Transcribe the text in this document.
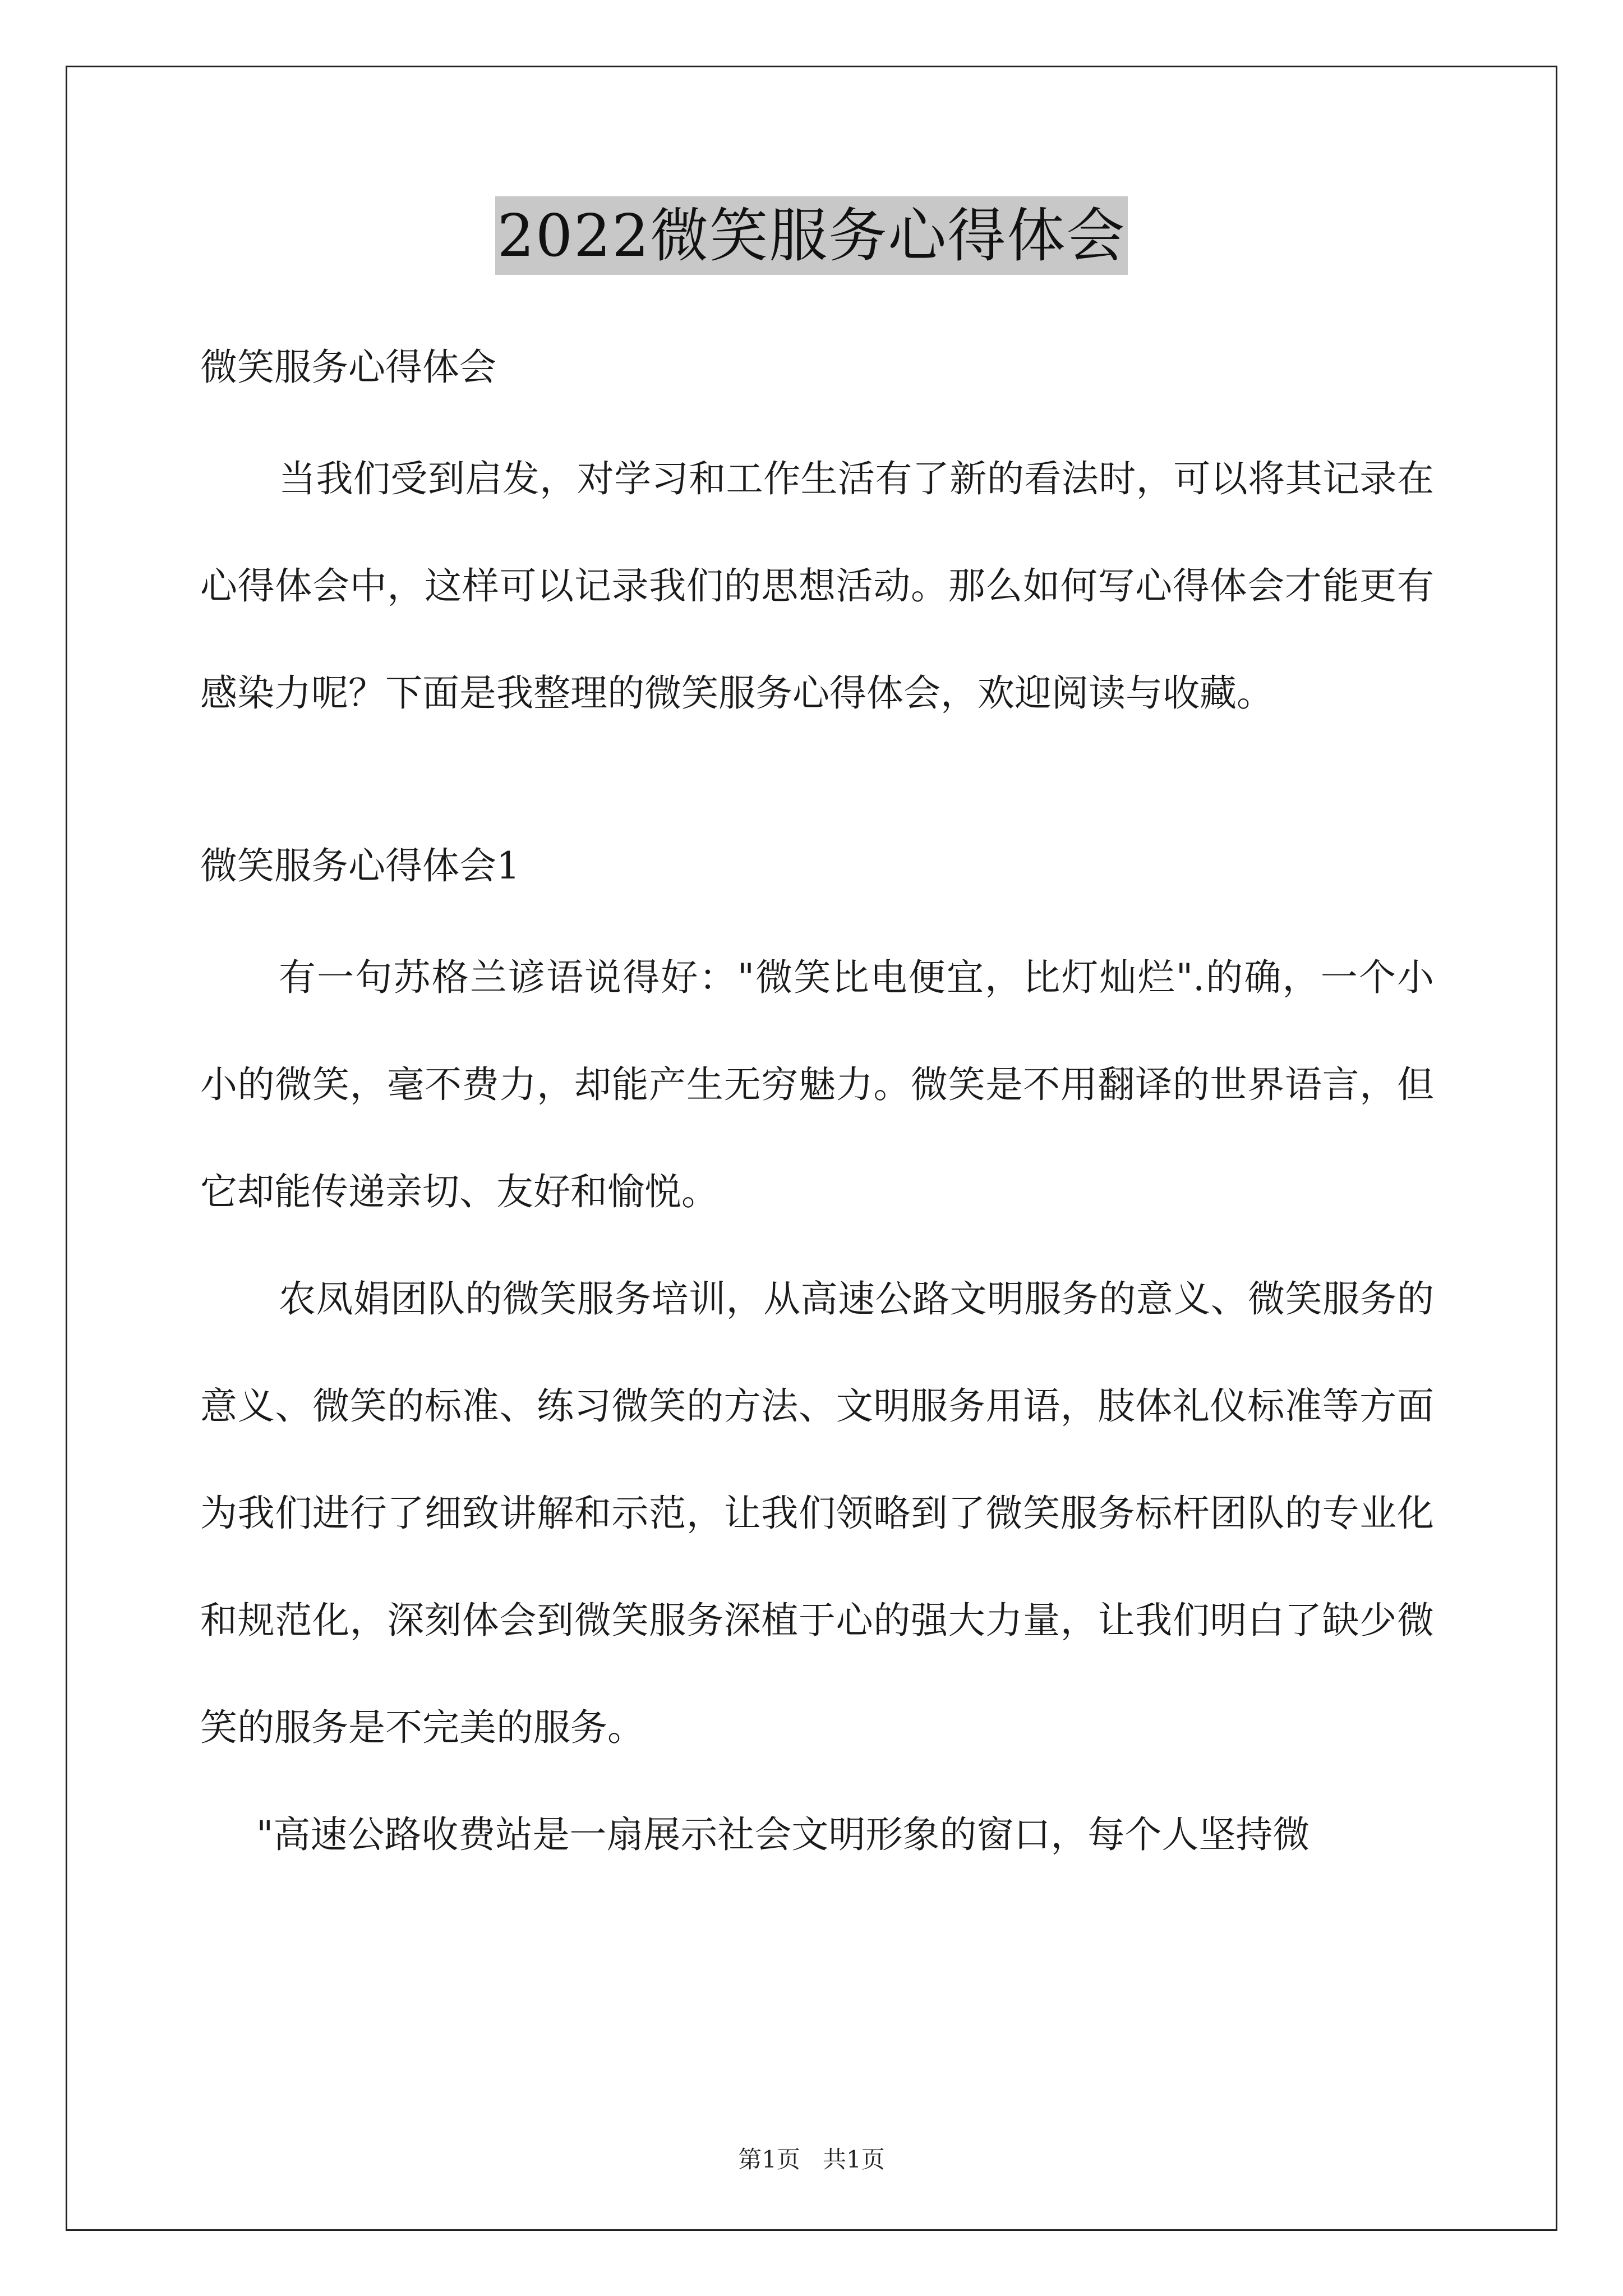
2022微笑服务心得体会

微笑服务心得体会

当我们受到启发，对学习和工作生活有了新的看法时，可以将其记录在心得体会中，这样可以记录我们的思想活动。那么如何写心得体会才能更有感染力呢？下面是我整理的微笑服务心得体会，欢迎阅读与收藏。

微笑服务心得体会1

有一句苏格兰谚语说得好："微笑比电便宜，比灯灿烂".的确，一个小小的微笑，毫不费力，却能产生无穷魅力。微笑是不用翻译的世界语言，但它却能传递亲切、友好和愉悦。

农凤娟团队的微笑服务培训，从高速公路文明服务的意义、微笑服务的意义、微笑的标准、练习微笑的方法、文明服务用语，肢体礼仪标准等方面为我们进行了细致讲解和示范，让我们领略到了微笑服务标杆团队的专业化和规范化，深刻体会到微笑服务深植于心的强大力量，让我们明白了缺少微笑的服务是不完美的服务。

"高速公路收费站是一扇展示社会文明形象的窗口，每个人坚持微

第1页   共1页
